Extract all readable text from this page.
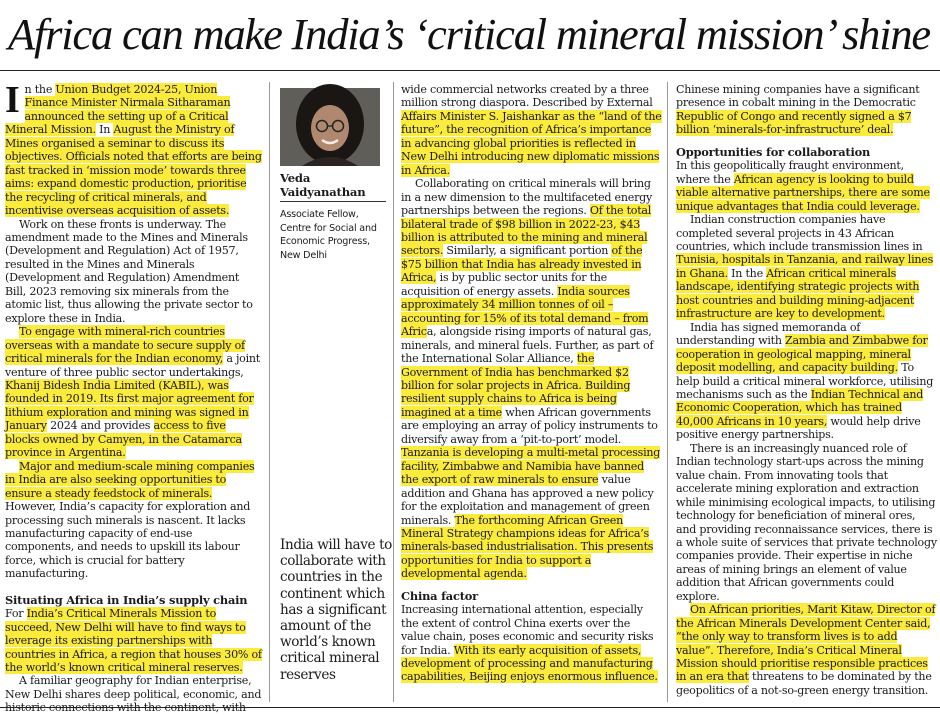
Africa can make India’s ‘critical mineral mission’ shine

In the Union Budget 2024-25, Union Finance Minister Nirmala Sitharaman announced the setting up of a Critical Mineral Mission. In August the Ministry of Mines organised a seminar to discuss its objectives. Officials noted that efforts are being fast tracked in ‘mission mode’ towards three aims: expand domestic production, prioritise the recycling of critical minerals, and incentivise overseas acquisition of assets.

Work on these fronts is underway. The amendment made to the Mines and Minerals (Development and Regulation) Act of 1957, resulted in the Mines and Minerals (Development and Regulation) Amendment Bill, 2023 removing six minerals from the atomic list, thus allowing the private sector to explore these in India.

To engage with mineral-rich countries overseas with a mandate to secure supply of critical minerals for the Indian economy, a joint venture of three public sector undertakings, Khanij Bidesh India Limited (KABIL), was founded in 2019. Its first major agreement for lithium exploration and mining was signed in January 2024 and provides access to five blocks owned by Camyen, in the Catamarca province in Argentina.

Major and medium-scale mining companies in India are also seeking opportunities to ensure a steady feedstock of minerals. However, India’s capacity for exploration and processing such minerals is nascent. It lacks manufacturing capacity of end-use components, and needs to upskill its labour force, which is crucial for battery manufacturing.

Situating Africa in India’s supply chain

For India’s Critical Minerals Mission to succeed, New Delhi will have to find ways to leverage its existing partnerships with countries in Africa, a region that houses 30% of the world’s known critical mineral reserves.

A familiar geography for Indian enterprise, New Delhi shares deep political, economic, and historic connections with the continent, with

Veda Vaidyanathan

Associate Fellow, Centre for Social and Economic Progress, New Delhi

India will have to collaborate with countries in the continent which has a significant amount of the world’s known critical mineral reserves

wide commercial networks created by a three million strong diaspora. Described by External Affairs Minister S. Jaishankar as the “land of the future”, the recognition of Africa’s importance in advancing global priorities is reflected in New Delhi introducing new diplomatic missions in Africa.

Collaborating on critical minerals will bring in a new dimension to the multifaceted energy partnerships between the regions. Of the total bilateral trade of $98 billion in 2022-23, $43 billion is attributed to the mining and mineral sectors. Similarly, a significant portion of the $75 billion that India has already invested in Africa, is by public sector units for the acquisition of energy assets. India sources approximately 34 million tonnes of oil – accounting for 15% of its total demand – from Africa, alongside rising imports of natural gas, minerals, and mineral fuels. Further, as part of the International Solar Alliance, the Government of India has benchmarked $2 billion for solar projects in Africa. Building resilient supply chains to Africa is being imagined at a time when African governments are employing an array of policy instruments to diversify away from a ‘pit-to-port’ model. Tanzania is developing a multi-metal processing facility, Zimbabwe and Namibia have banned the export of raw minerals to ensure value addition and Ghana has approved a new policy for the exploitation and management of green minerals. The forthcoming African Green Mineral Strategy champions ideas for Africa’s minerals-based industrialisation. This presents opportunities for India to support a developmental agenda.

China factor

Increasing international attention, especially the extent of control China exerts over the value chain, poses economic and security risks for India. With its early acquisition of assets, development of processing and manufacturing capabilities, Beijing enjoys enormous influence.

Chinese mining companies have a significant presence in cobalt mining in the Democratic Republic of Congo and recently signed a $7 billion ‘minerals-for-infrastructure’ deal.

Opportunities for collaboration

In this geopolitically fraught environment, where the African agency is looking to build viable alternative partnerships, there are some unique advantages that India could leverage.

Indian construction companies have completed several projects in 43 African countries, which include transmission lines in Tunisia, hospitals in Tanzania, and railway lines in Ghana. In the African critical minerals landscape, identifying strategic projects with host countries and building mining-adjacent infrastructure are key to development.

India has signed memoranda of understanding with Zambia and Zimbabwe for cooperation in geological mapping, mineral deposit modelling, and capacity building. To help build a critical mineral workforce, utilising mechanisms such as the Indian Technical and Economic Cooperation, which has trained 40,000 Africans in 10 years, would help drive positive energy partnerships.

There is an increasingly nuanced role of Indian technology start-ups across the mining value chain. From innovating tools that accelerate mining exploration and extraction while minimising ecological impacts, to utilising technology for beneficiation of mineral ores, and providing reconnaissance services, there is a whole suite of services that private technology companies provide. Their expertise in niche areas of mining brings an element of value addition that African governments could explore.

On African priorities, Marit Kitaw, Director of the African Minerals Development Center said, “the only way to transform lives is to add value”. Therefore, India’s Critical Mineral Mission should prioritise responsible practices in an era that threatens to be dominated by the geopolitics of a not-so-green energy transition.
